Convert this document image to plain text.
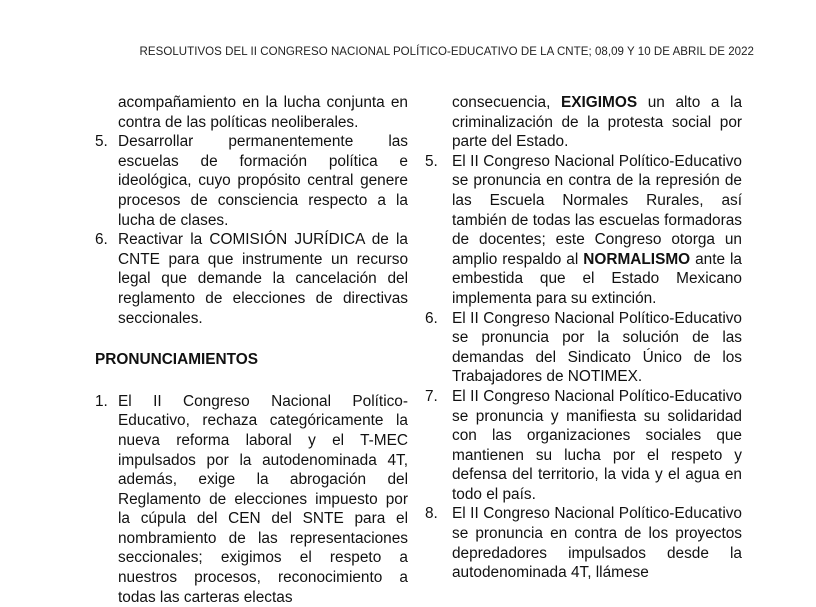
RESOLUTIVOS DEL II CONGRESO NACIONAL POLÍTICO-EDUCATIVO DE LA CNTE; 08,09 Y 10 DE ABRIL DE 2022
acompañamiento en la lucha conjunta en contra de las políticas neoliberales.
5. Desarrollar permanentemente las escuelas de formación política e ideológica, cuyo propósito central genere procesos de consciencia respecto a la lucha de clases.
6. Reactivar la COMISIÓN JURÍDICA de la CNTE para que instrumente un recurso legal que demande la cancelación del reglamento de elecciones de directivas seccionales.
PRONUNCIAMIENTOS
1. El II Congreso Nacional Político-Educativo, rechaza categóricamente la nueva reforma laboral y el T-MEC impulsados por la autodenominada 4T, además, exige la abrogación del Reglamento de elecciones impuesto por la cúpula del CEN del SNTE para el nombramiento de las representaciones seccionales; exigimos el respeto a nuestros procesos, reconocimiento a todas las carteras electas
consecuencia, EXIGIMOS un alto a la criminalización de la protesta social por parte del Estado.
5. El II Congreso Nacional Político-Educativo se pronuncia en contra de la represión de las Escuela Normales Rurales, así también de todas las escuelas formadoras de docentes; este Congreso otorga un amplio respaldo al NORMALISMO ante la embestida que el Estado Mexicano implementa para su extinción.
6. El II Congreso Nacional Político-Educativo se pronuncia por la solución de las demandas del Sindicato Único de los Trabajadores de NOTIMEX.
7. El II Congreso Nacional Político-Educativo se pronuncia y manifiesta su solidaridad con las organizaciones sociales que mantienen su lucha por el respeto y defensa del territorio, la vida y el agua en todo el país.
8. El II Congreso Nacional Político-Educativo se pronuncia en contra de los proyectos depredadores impulsados desde la autodenominada 4T, llámese
